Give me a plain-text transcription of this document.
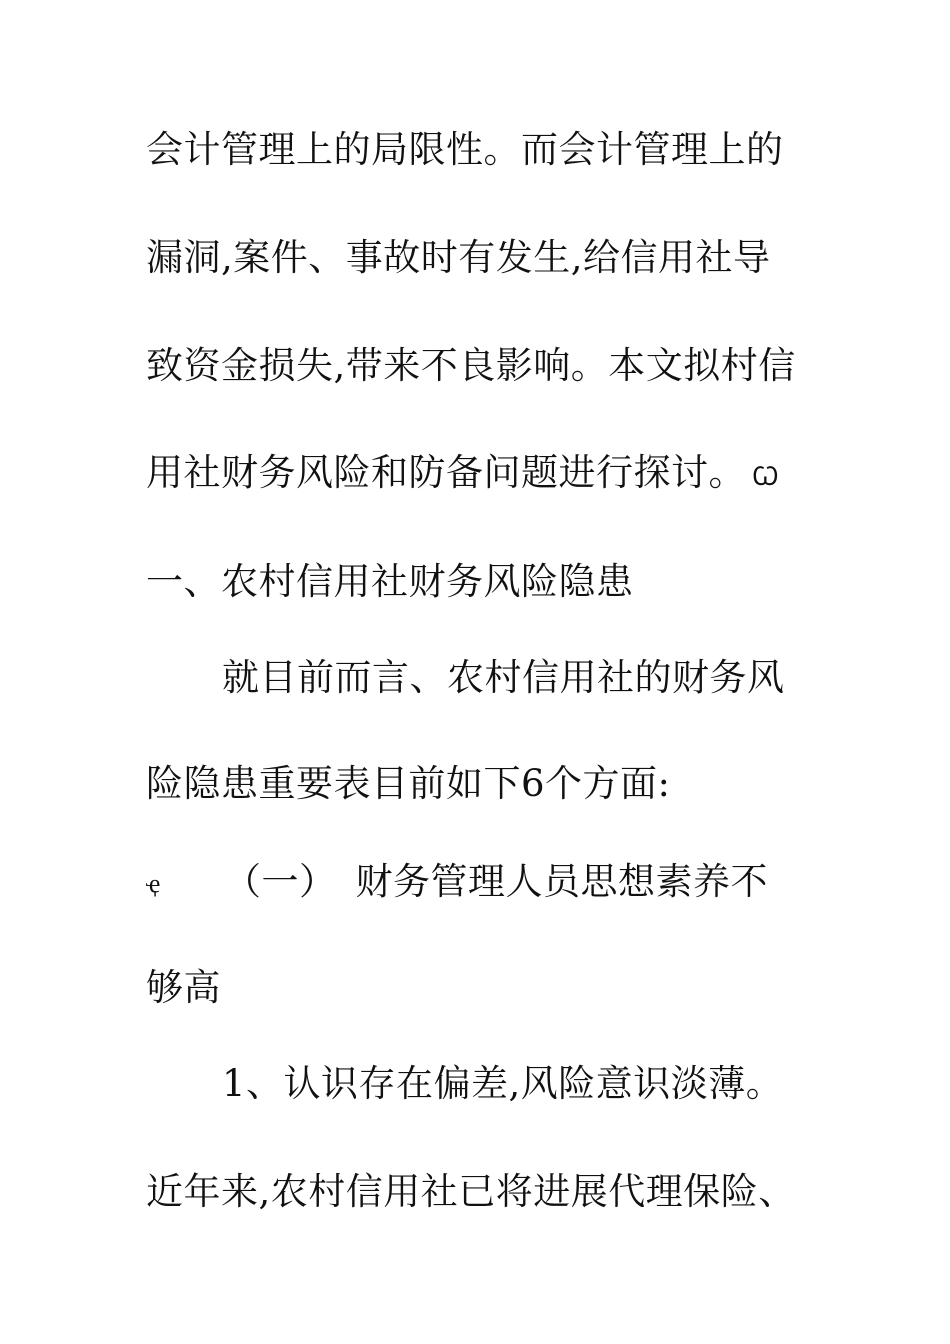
会计管理上的局限性。而会计管理上的
漏洞,案件、事故时有发生,给信用社导
致资金损失,带来不良影响。本文拟村信
用社财务风险和防备问题进行探讨。 Ꞷ
一、农村信用社财务风险隐患
就目前而言、农村信用社的财务风
险隐患重要表目前如下6个方面:
ҿ （一）　财务管理人员思想素养不
够高
1、认识存在偏差,风险意识淡薄。
近年来,农村信用社已将进展代理保险、
